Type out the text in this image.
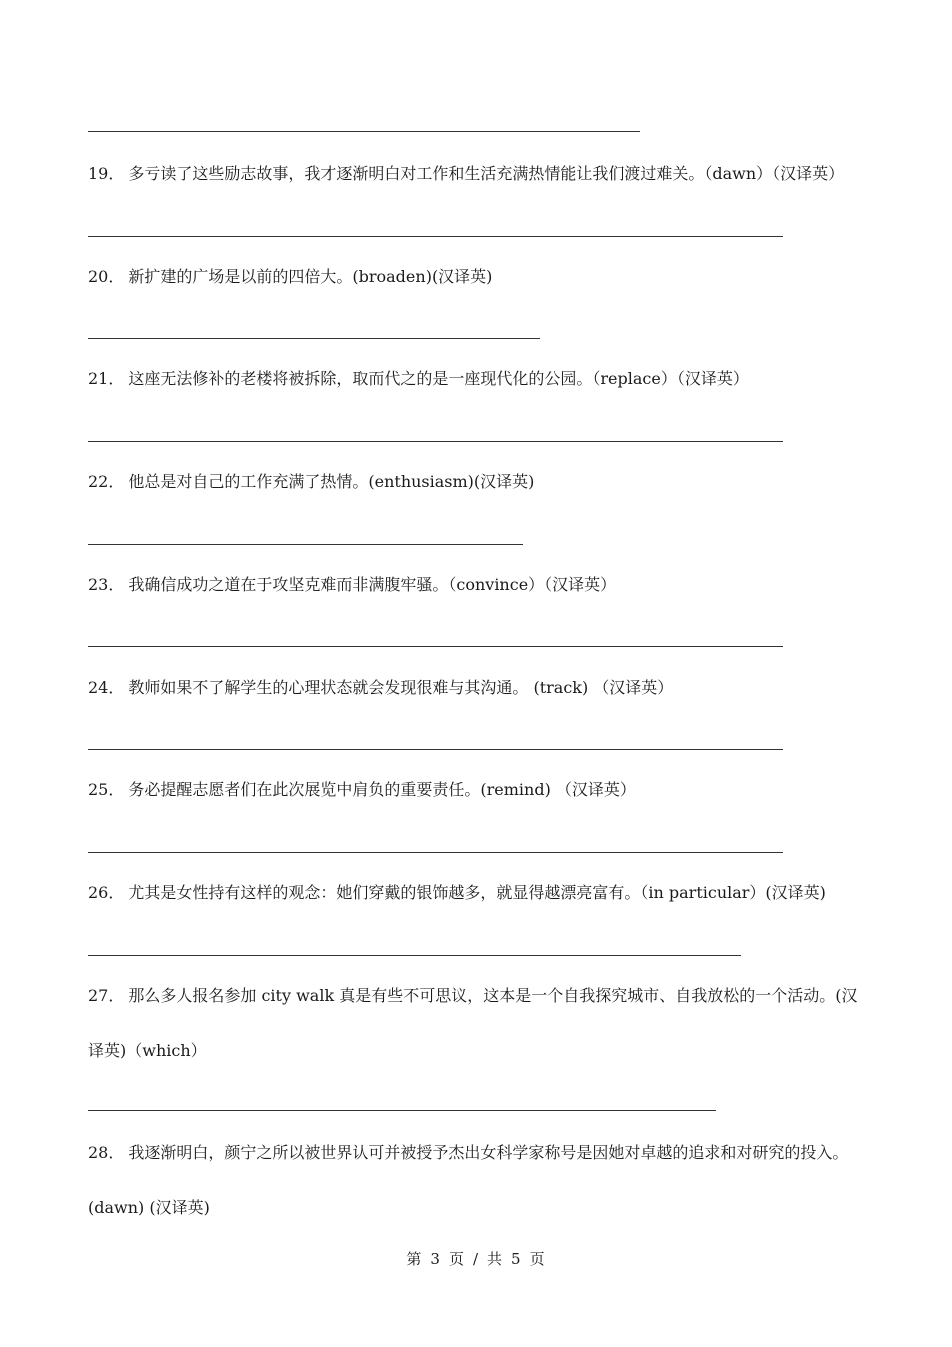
19． 多亏读了这些励志故事，我才逐渐明白对工作和生活充满热情能让我们渡过难关。（dawn）（汉译英）
20． 新扩建的广场是以前的四倍大。(broaden)(汉译英)
21． 这座无法修补的老楼将被拆除，取而代之的是一座现代化的公园。（replace）（汉译英）
22． 他总是对自己的工作充满了热情。(enthusiasm)(汉译英)
23． 我确信成功之道在于攻坚克难而非满腹牢骚。（convince）（汉译英）
24． 教师如果不了解学生的心理状态就会发现很难与其沟通。 (track) （汉译英）
25． 务必提醒志愿者们在此次展览中肩负的重要责任。(remind) （汉译英）
26． 尤其是女性持有这样的观念：她们穿戴的银饰越多，就显得越漂亮富有。（in particular）(汉译英)
27． 那么多人报名参加 city walk 真是有些不可思议，这本是一个自我探究城市、自我放松的一个活动。(汉
译英)（which）
28． 我逐渐明白，颜宁之所以被世界认可并被授予杰出女科学家称号是因她对卓越的追求和对研究的投入。
(dawn) (汉译英)
第 3 页 / 共 5 页
